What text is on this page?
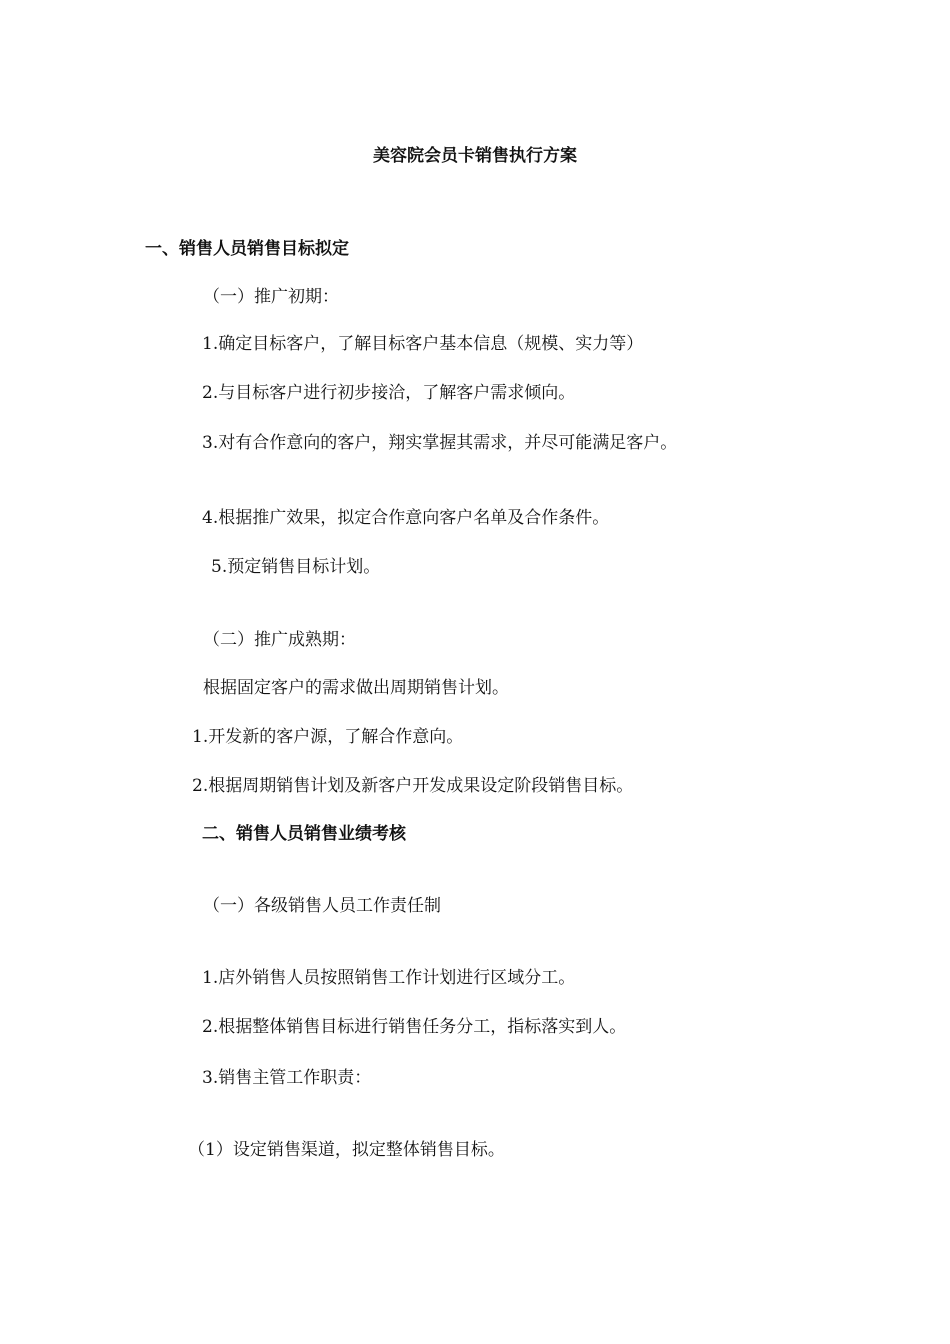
美容院会员卡销售执行方案
一、销售人员销售目标拟定
（一）推广初期：
1.确定目标客户，了解目标客户基本信息（规模、实力等）
2.与目标客户进行初步接洽，了解客户需求倾向。
3.对有合作意向的客户，翔实掌握其需求，并尽可能满足客户。
4.根据推广效果，拟定合作意向客户名单及合作条件。
5.预定销售目标计划。
（二）推广成熟期：
根据固定客户的需求做出周期销售计划。
1.开发新的客户源，了解合作意向。
2.根据周期销售计划及新客户开发成果设定阶段销售目标。
二、销售人员销售业绩考核
（一）各级销售人员工作责任制
1.店外销售人员按照销售工作计划进行区域分工。
2.根据整体销售目标进行销售任务分工，指标落实到人。
3.销售主管工作职责：
（1）设定销售渠道，拟定整体销售目标。
